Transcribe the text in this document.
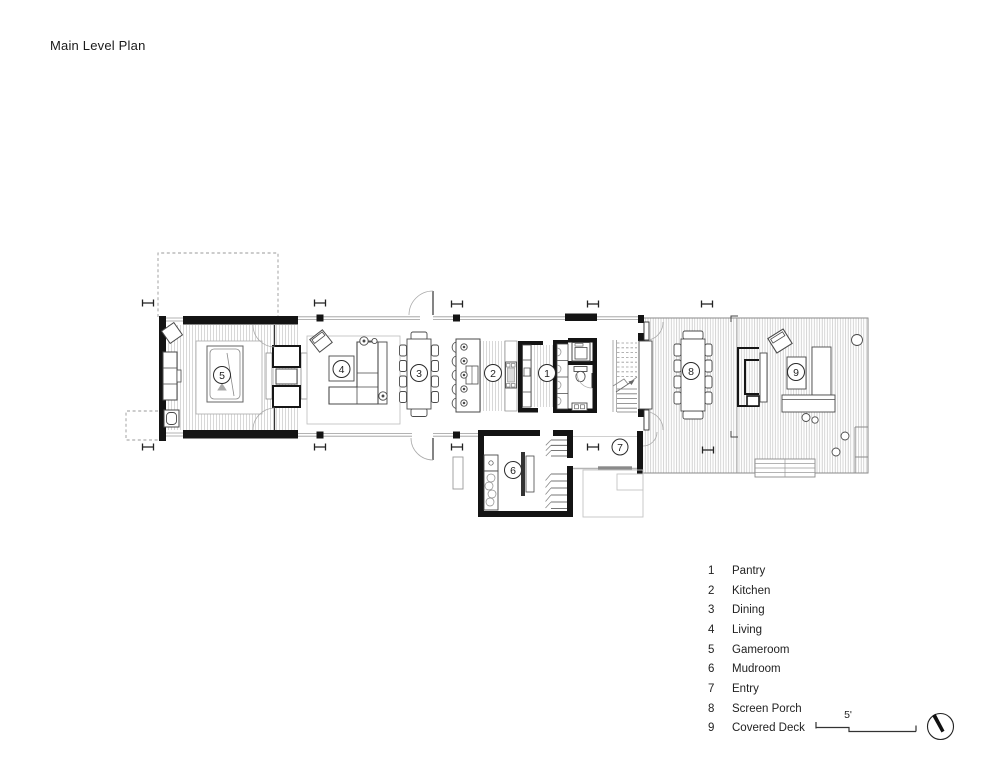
Main Level Plan
1
2
3
4
5
6
7
8	9
1	Pantry
2	Kitchen
3	Dining
4	Living
5	Gameroom
6	Mudroom
7	Entry
8	Screen Porch
9	Covered Deck
5'
